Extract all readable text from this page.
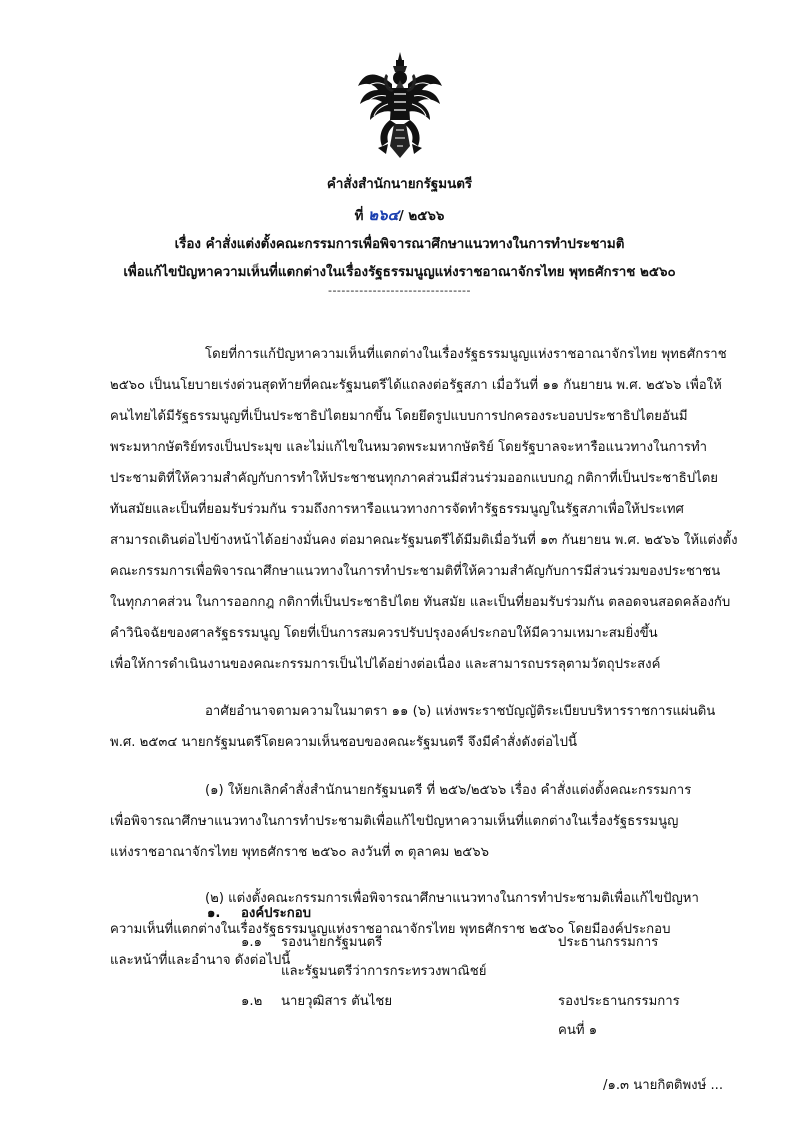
คำสั่งสำนักนายกรัฐมนตรี
ที่ ๒๖๔/ ๒๕๖๖
เรื่อง คำสั่งแต่งตั้งคณะกรรมการเพื่อพิจารณาศึกษาแนวทางในการทำประชามติ
เพื่อแก้ไขปัญหาความเห็นที่แตกต่างในเรื่องรัฐธรรมนูญแห่งราชอาณาจักรไทย พุทธศักราช ๒๕๖๐
--------------------------------
โดยที่การแก้ปัญหาความเห็นที่แตกต่างในเรื่องรัฐธรรมนูญแห่งราชอาณาจักรไทย พุทธศักราช
๒๕๖๐ เป็นนโยบายเร่งด่วนสุดท้ายที่คณะรัฐมนตรีได้แถลงต่อรัฐสภา เมื่อวันที่ ๑๑ กันยายน พ.ศ. ๒๕๖๖ เพื่อให้
คนไทยได้มีรัฐธรรมนูญที่เป็นประชาธิปไตยมากขึ้น โดยยึดรูปแบบการปกครองระบอบประชาธิปไตยอันมี
พระมหากษัตริย์ทรงเป็นประมุข และไม่แก้ไขในหมวดพระมหากษัตริย์ โดยรัฐบาลจะหารือแนวทางในการทำ
ประชามติที่ให้ความสำคัญกับการทำให้ประชาชนทุกภาคส่วนมีส่วนร่วมออกแบบกฎ กติกาที่เป็นประชาธิปไตย
ทันสมัยและเป็นที่ยอมรับร่วมกัน รวมถึงการหารือแนวทางการจัดทำรัฐธรรมนูญในรัฐสภาเพื่อให้ประเทศ
สามารถเดินต่อไปข้างหน้าได้อย่างมั่นคง ต่อมาคณะรัฐมนตรีได้มีมติเมื่อวันที่ ๑๓ กันยายน พ.ศ. ๒๕๖๖ ให้แต่งตั้ง
คณะกรรมการเพื่อพิจารณาศึกษาแนวทางในการทำประชามติที่ให้ความสำคัญกับการมีส่วนร่วมของประชาชน
ในทุกภาคส่วน ในการออกกฎ กติกาที่เป็นประชาธิปไตย ทันสมัย และเป็นที่ยอมรับร่วมกัน ตลอดจนสอดคล้องกับ
คำวินิจฉัยของศาลรัฐธรรมนูญ โดยที่เป็นการสมควรปรับปรุงองค์ประกอบให้มีความเหมาะสมยิ่งขึ้น
เพื่อให้การดำเนินงานของคณะกรรมการเป็นไปได้อย่างต่อเนื่อง และสามารถบรรลุตามวัตถุประสงค์
อาศัยอำนาจตามความในมาตรา ๑๑ (๖) แห่งพระราชบัญญัติระเบียบบริหารราชการแผ่นดิน
พ.ศ. ๒๕๓๔ นายกรัฐมนตรีโดยความเห็นชอบของคณะรัฐมนตรี จึงมีคำสั่งดังต่อไปนี้
(๑) ให้ยกเลิกคำสั่งสำนักนายกรัฐมนตรี ที่ ๒๕๖/๒๕๖๖ เรื่อง คำสั่งแต่งตั้งคณะกรรมการ
เพื่อพิจารณาศึกษาแนวทางในการทำประชามติเพื่อแก้ไขปัญหาความเห็นที่แตกต่างในเรื่องรัฐธรรมนูญ
แห่งราชอาณาจักรไทย พุทธศักราช ๒๕๖๐ ลงวันที่ ๓ ตุลาคม ๒๕๖๖
(๒) แต่งตั้งคณะกรรมการเพื่อพิจารณาศึกษาแนวทางในการทำประชามติเพื่อแก้ไขปัญหา
ความเห็นที่แตกต่างในเรื่องรัฐธรรมนูญแห่งราชอาณาจักรไทย พุทธศักราช ๒๕๖๐ โดยมีองค์ประกอบ
และหน้าที่และอำนาจ ดังต่อไปนี้
๑. องค์ประกอบ
๑.๑ รองนายกรัฐมนตรี
และรัฐมนตรีว่าการกระทรวงพาณิชย์
ประธานกรรมการ
๑.๒ นายวุฒิสาร ตันไชย	รองประธานกรรมการ
คนที่ ๑
/๑.๓ นายกิตติพงษ์ ...
